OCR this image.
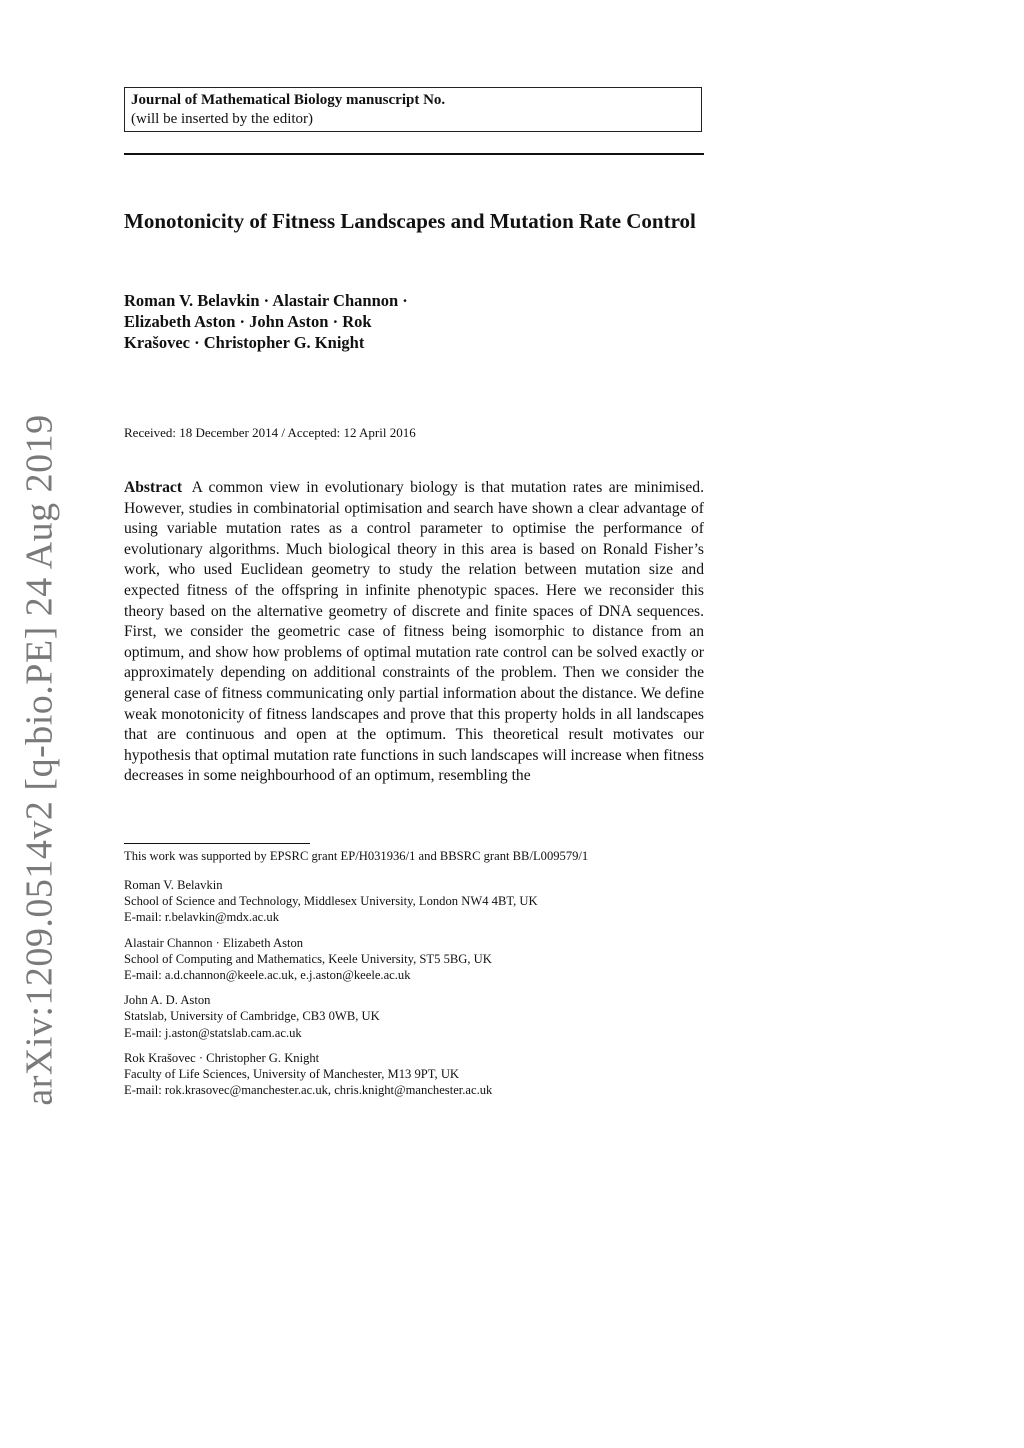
arXiv:1209.0514v2 [q-bio.PE] 24 Aug 2019
Journal of Mathematical Biology manuscript No.
(will be inserted by the editor)
Monotonicity of Fitness Landscapes and Mutation Rate Control
Roman V. Belavkin · Alastair Channon ·
Elizabeth Aston · John Aston · Rok
Krašovec · Christopher G. Knight
Received: 18 December 2014 / Accepted: 12 April 2016
Abstract A common view in evolutionary biology is that mutation rates are minimised. However, studies in combinatorial optimisation and search have shown a clear advantage of using variable mutation rates as a control parameter to optimise the performance of evolutionary algorithms. Much biological theory in this area is based on Ronald Fisher’s work, who used Euclidean geometry to study the relation between mutation size and expected fitness of the offspring in infinite phenotypic spaces. Here we reconsider this theory based on the alternative geometry of discrete and finite spaces of DNA sequences. First, we consider the geometric case of fitness being isomorphic to distance from an optimum, and show how problems of optimal mutation rate control can be solved exactly or approximately depending on additional constraints of the problem. Then we consider the general case of fitness communicating only partial information about the distance. We define weak monotonicity of fitness landscapes and prove that this property holds in all landscapes that are continuous and open at the optimum. This theoretical result motivates our hypothesis that optimal mutation rate functions in such landscapes will increase when fitness decreases in some neighbourhood of an optimum, resembling the
This work was supported by EPSRC grant EP/H031936/1 and BBSRC grant BB/L009579/1
Roman V. Belavkin
School of Science and Technology, Middlesex University, London NW4 4BT, UK
E-mail: r.belavkin@mdx.ac.uk
Alastair Channon · Elizabeth Aston
School of Computing and Mathematics, Keele University, ST5 5BG, UK
E-mail: a.d.channon@keele.ac.uk, e.j.aston@keele.ac.uk
John A. D. Aston
Statslab, University of Cambridge, CB3 0WB, UK
E-mail: j.aston@statslab.cam.ac.uk
Rok Krašovec · Christopher G. Knight
Faculty of Life Sciences, University of Manchester, M13 9PT, UK
E-mail: rok.krasovec@manchester.ac.uk, chris.knight@manchester.ac.uk
